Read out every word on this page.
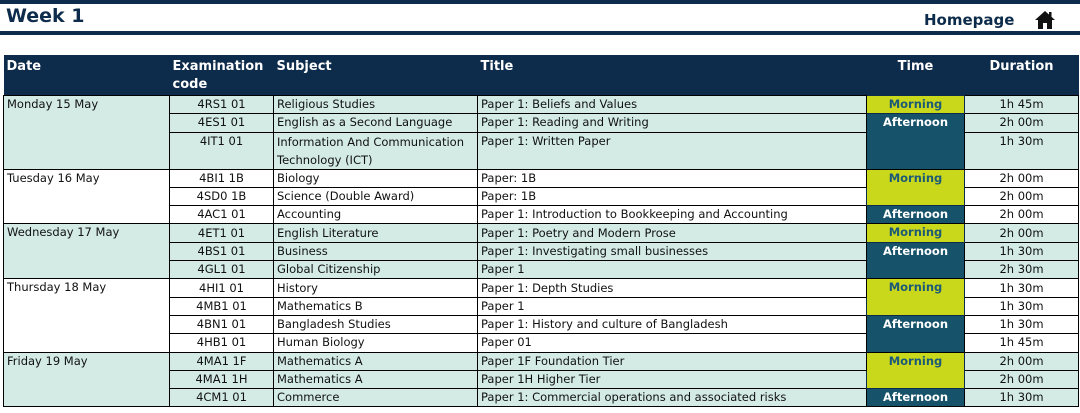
Week 1	Homepage
Date	Examination code	Subject	Title	Time	Duration
Monday 15 May	4RS1 01	Religious Studies	Paper 1: Beliefs and Values	Morning	1h 45m
	4ES1 01	English as a Second Language	Paper 1: Reading and Writing	Afternoon	2h 00m
	4IT1 01	Information And Communication Technology (ICT)	Paper 1: Written Paper		1h 30m
Tuesday 16 May	4BI1 1B	Biology	Paper: 1B	Morning	2h 00m
	4SD0 1B	Science (Double Award)	Paper: 1B		2h 00m
	4AC1 01	Accounting	Paper 1: Introduction to Bookkeeping and Accounting	Afternoon	2h 00m
Wednesday 17 May	4ET1 01	English Literature	Paper 1: Poetry and Modern Prose	Morning	2h 00m
	4BS1 01	Business	Paper 1: Investigating small businesses	Afternoon	1h 30m
	4GL1 01	Global Citizenship	Paper 1		2h 30m
Thursday 18 May	4HI1 01	History	Paper 1: Depth Studies	Morning	1h 30m
	4MB1 01	Mathematics B	Paper 1		1h 30m
	4BN1 01	Bangladesh Studies	Paper 1: History and culture of Bangladesh	Afternoon	1h 30m
	4HB1 01	Human Biology	Paper 01		1h 45m
Friday 19 May	4MA1 1F	Mathematics A	Paper 1F Foundation Tier	Morning	2h 00m
	4MA1 1H	Mathematics A	Paper 1H Higher Tier		2h 00m
	4CM1 01	Commerce	Paper 1: Commercial operations and associated risks	Afternoon	1h 30m
